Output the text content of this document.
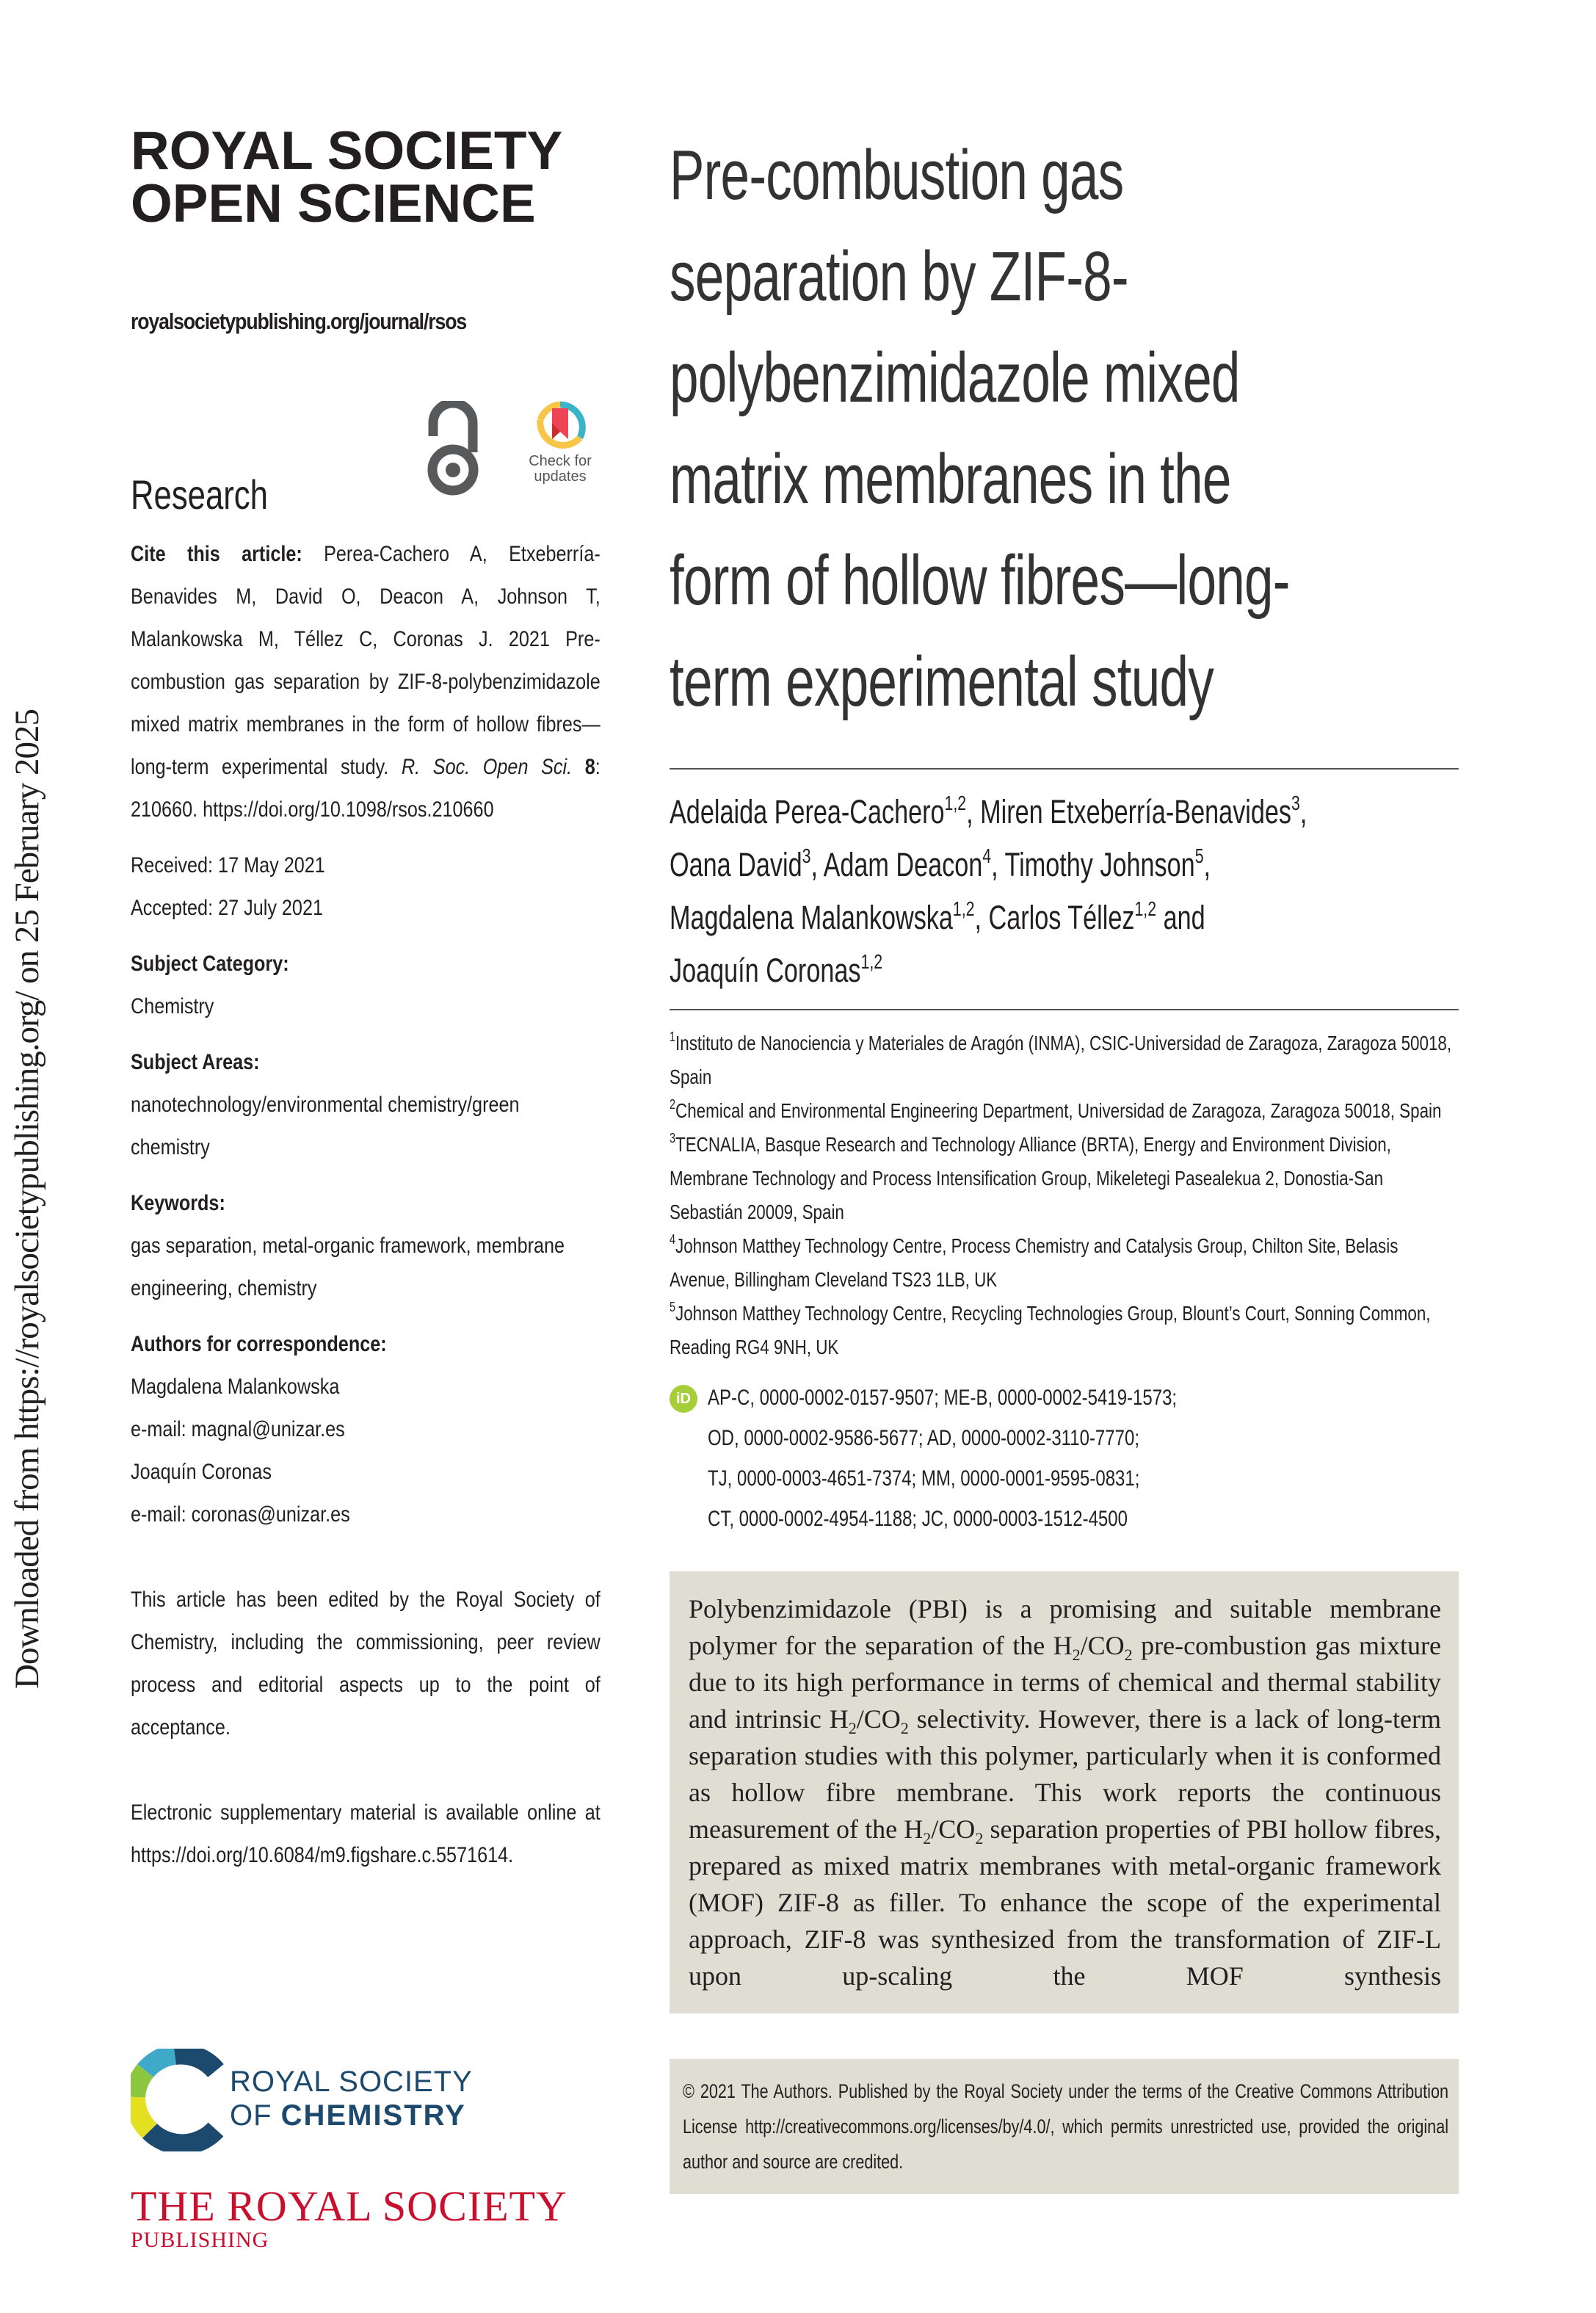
Downloaded from https://royalsocietypublishing.org/ on 25 February 2025
ROYAL SOCIETY
OPEN SCIENCE
royalsocietypublishing.org/journal/rsos
Research
Check for
updates
Cite this article: Perea-Cachero A, Etxeberría-Benavides M, David O, Deacon A, Johnson T, Malankowska M, Téllez C, Coronas J. 2021 Pre-combustion gas separation by ZIF-8-polybenzimidazole mixed matrix membranes in the form of hollow fibres—long-term experimental study. R. Soc. Open Sci. 8: 210660. https://doi.org/10.1098/rsos.210660
Received: 17 May 2021
Accepted: 27 July 2021
Subject Category:
Chemistry
Subject Areas:
nanotechnology/environmental chemistry/green chemistry
Keywords:
gas separation, metal-organic framework, membrane engineering, chemistry
Authors for correspondence:
Magdalena Malankowska
e-mail: magnal@unizar.es
Joaquín Coronas
e-mail: coronas@unizar.es
This article has been edited by the Royal Society of Chemistry, including the commissioning, peer review process and editorial aspects up to the point of acceptance.
Electronic supplementary material is available online at https://doi.org/10.6084/m9.figshare.c.5571614.
ROYAL SOCIETY
OF CHEMISTRY
THE ROYAL SOCIETY
PUBLISHING
Pre-combustion gas
separation by ZIF-8-
polybenzimidazole mixed
matrix membranes in the
form of hollow fibres—long-
term experimental study
Adelaida Perea-Cachero$^{1,2}$, Miren Etxeberría-Benavides$^3$,
Oana David$^3$, Adam Deacon$^4$, Timothy Johnson$^5$,
Magdalena Malankowska$^{1,2}$, Carlos Téllez$^{1,2}$ and
Joaquín Coronas$^{1,2}$
$^1$Instituto de Nanociencia y Materiales de Aragón (INMA), CSIC-Universidad de Zaragoza, Zaragoza 50018, Spain
$^2$Chemical and Environmental Engineering Department, Universidad de Zaragoza, Zaragoza 50018, Spain
$^3$TECNALIA, Basque Research and Technology Alliance (BRTA), Energy and Environment Division, Membrane Technology and Process Intensification Group, Mikeletegi Pasealekua 2, Donostia-San Sebastián 20009, Spain
$^4$Johnson Matthey Technology Centre, Process Chemistry and Catalysis Group, Chilton Site, Belasis Avenue, Billingham Cleveland TS23 1LB, UK
$^5$Johnson Matthey Technology Centre, Recycling Technologies Group, Blount’s Court, Sonning Common, Reading RG4 9NH, UK
iD AP-C, 0000-0002-0157-9507; ME-B, 0000-0002-5419-1573;
OD, 0000-0002-9586-5677; AD, 0000-0002-3110-7770;
TJ, 0000-0003-4651-7374; MM, 0000-0001-9595-0831;
CT, 0000-0002-4954-1188; JC, 0000-0003-1512-4500

Polybenzimidazole (PBI) is a promising and suitable membrane polymer for the separation of the $H_2/CO_2$ pre-combustion gas mixture due to its high performance in terms of chemical and thermal stability and intrinsic $H_2/CO_2$ selectivity. However, there is a lack of long-term separation studies with this polymer, particularly when it is conformed as hollow fibre membrane. This work reports the continuous measurement of the $H_2/CO_2$ separation properties of PBI hollow fibres, prepared as mixed matrix membranes with metal-organic framework (MOF) ZIF-8 as filler. To enhance the scope of the experimental approach, ZIF-8 was synthesized from the transformation of ZIF-L upon up-scaling the MOF synthesis

© 2021 The Authors. Published by the Royal Society under the terms of the Creative Commons Attribution License http://creativecommons.org/licenses/by/4.0/, which permits unrestricted use, provided the original author and source are credited.
